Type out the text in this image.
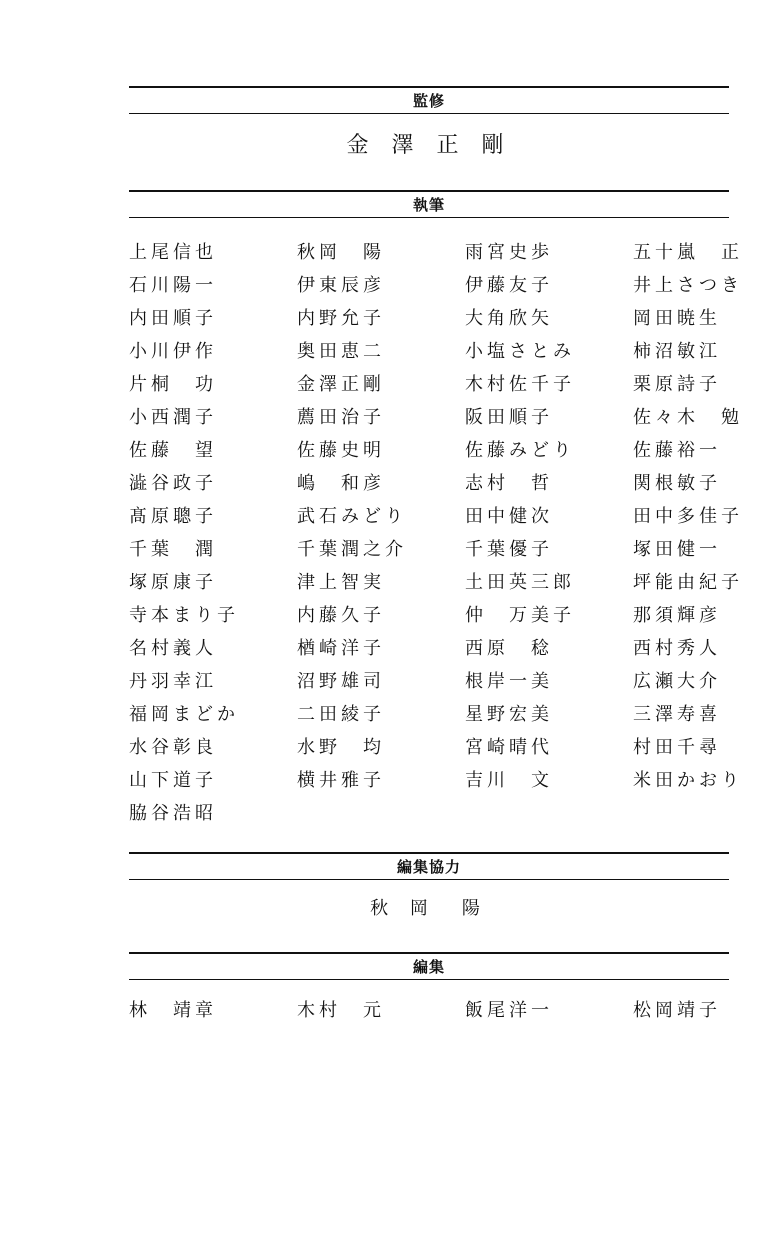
監修
金 澤 正 剛
執筆
上尾信也	秋岡　陽	雨宮史歩	五十嵐　正
石川陽一	伊東辰彦	伊藤友子	井上さつき
内田順子	内野允子	大角欣矢	岡田暁生
小川伊作	奥田恵二	小塩さとみ	柿沼敏江
片桐　功	金澤正剛	木村佐千子	栗原詩子
小西潤子	薦田治子	阪田順子	佐々木　勉
佐藤　望	佐藤史明	佐藤みどり	佐藤裕一
澁谷政子	嶋　和彦	志村　哲	関根敏子
髙原聰子	武石みどり	田中健次	田中多佳子
千葉　潤	千葉潤之介	千葉優子	塚田健一
塚原康子	津上智実	土田英三郎	坪能由紀子
寺本まり子	内藤久子	仲　万美子	那須輝彦
名村義人	楢崎洋子	西原　稔	西村秀人
丹羽幸江	沼野雄司	根岸一美	広瀬大介
福岡まどか	二田綾子	星野宏美	三澤寿喜
水谷彰良	水野　均	宮崎晴代	村田千尋
山下道子	横井雅子	吉川　文	米田かおり
脇谷浩昭
編集協力
秋 岡　陽
編集
林　靖章	木村　元	飯尾洋一	松岡靖子
